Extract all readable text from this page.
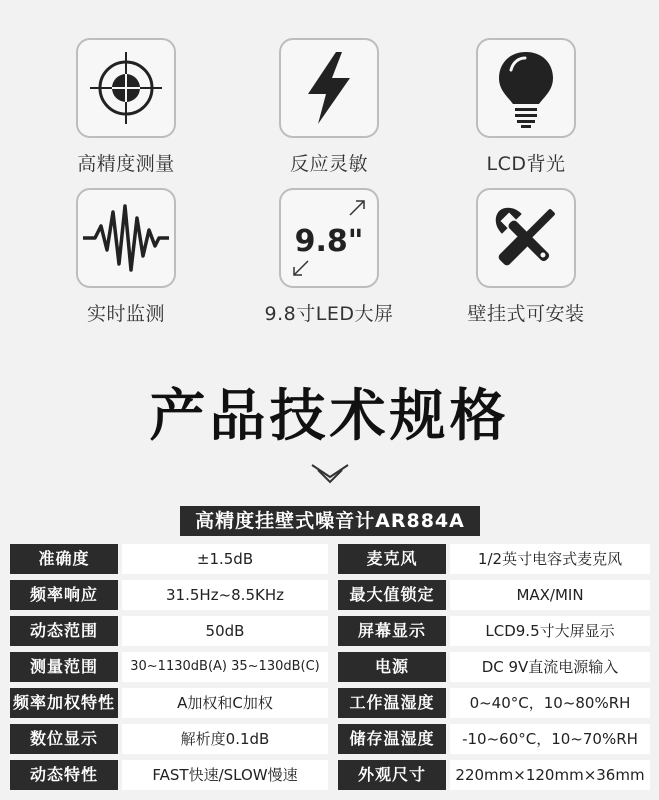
高精度测量	反应灵敏	LCD背光
实时监测
9.8"
9.8寸LED大屏	壁挂式可安装
产品技术规格
高精度挂壁式噪音计AR884A
准确度	±1.5dB	麦克风	1/2英寸电容式麦克风
频率响应	31.5Hz~8.5KHz	最大值锁定	MAX/MIN
动态范围	50dB	屏幕显示	LCD9.5寸大屏显示
测量范围	30~1130dB(A) 35~130dB(C)	电源	DC 9V直流电源输入
频率加权特性	A加权和C加权	工作温湿度	0~40°C，10~80%RH
数位显示	解析度0.1dB	储存温湿度	-10~60°C，10~70%RH
动态特性	FAST快速/SLOW慢速	外观尺寸	220mm×120mm×36mm
